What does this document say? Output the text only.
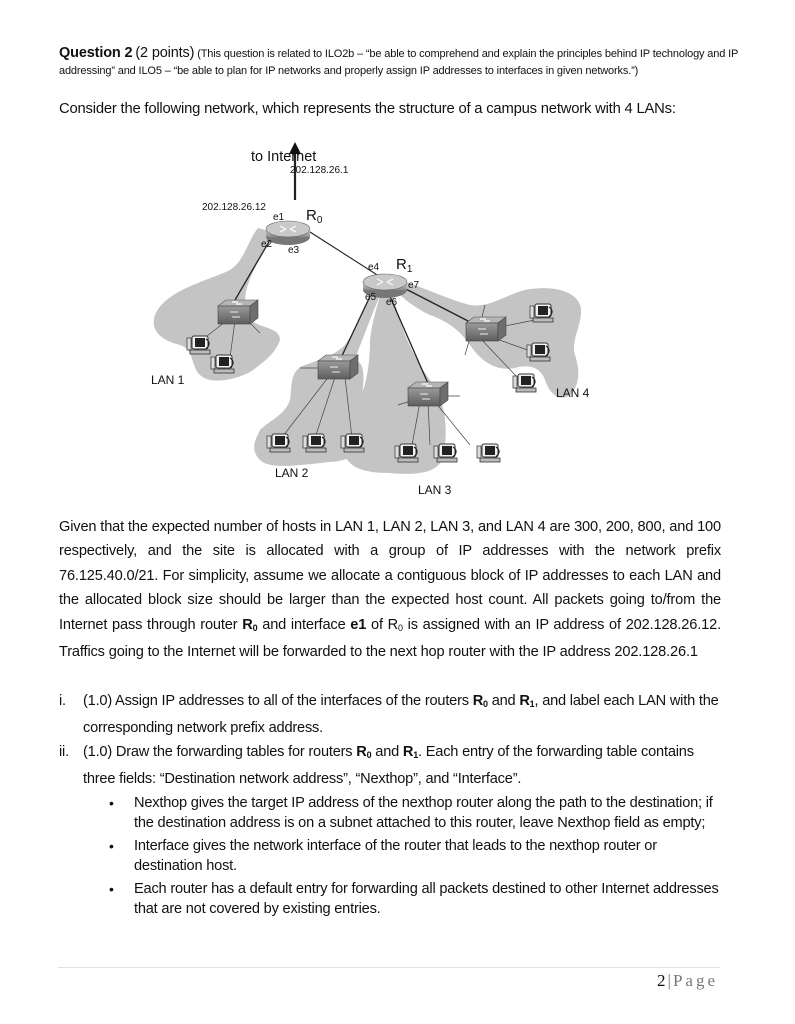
Question 2 (2 points) (This question is related to ILO2b – “be able to comprehend and explain the principles behind IP technology and IP addressing” and ILO5 – “be able to plan for IP networks and properly assign IP addresses to interfaces in given networks.”)
Consider the following network, which represents the structure of a campus network with 4 LANs:
to Internet
202.128.26.1
202.128.26.12
e1
e2
e3
e4
e5 e6
e7
$R_0$
$R_1$
LAN 1
LAN 2
LAN 3
LAN 4

Given that the expected number of hosts in LAN 1, LAN 2, LAN 3, and LAN 4 are 300, 200, 800, and 100 respectively, and the site is allocated with a group of IP addresses with the network prefix 76.125.40.0/21. For simplicity, assume we allocate a contiguous block of IP addresses to each LAN and the allocated block size should be larger than the expected host count. All packets going to/from the Internet pass through router $R_0$ and interface e1 of $R_0$ is assigned with an IP address of 202.128.26.12. Traffics going to the Internet will be forwarded to the next hop router with the IP address 202.128.26.1

i. (1.0) Assign IP addresses to all of the interfaces of the routers $R_0$ and $R_1$, and label each LAN with the corresponding network prefix address.

ii. (1.0) Draw the forwarding tables for routers $R_0$ and $R_1$. Each entry of the forwarding table contains three fields: “Destination network address”, “Nexthop”, and “Interface”.

• Nexthop gives the target IP address of the nexthop router along the path to the destination; if the destination address is on a subnet attached to this router, leave Nexthop field as empty;
• Interface gives the network interface of the router that leads to the nexthop router or destination host.
• Each router has a default entry for forwarding all packets destined to other Internet addresses that are not covered by existing entries.
2 | Page
